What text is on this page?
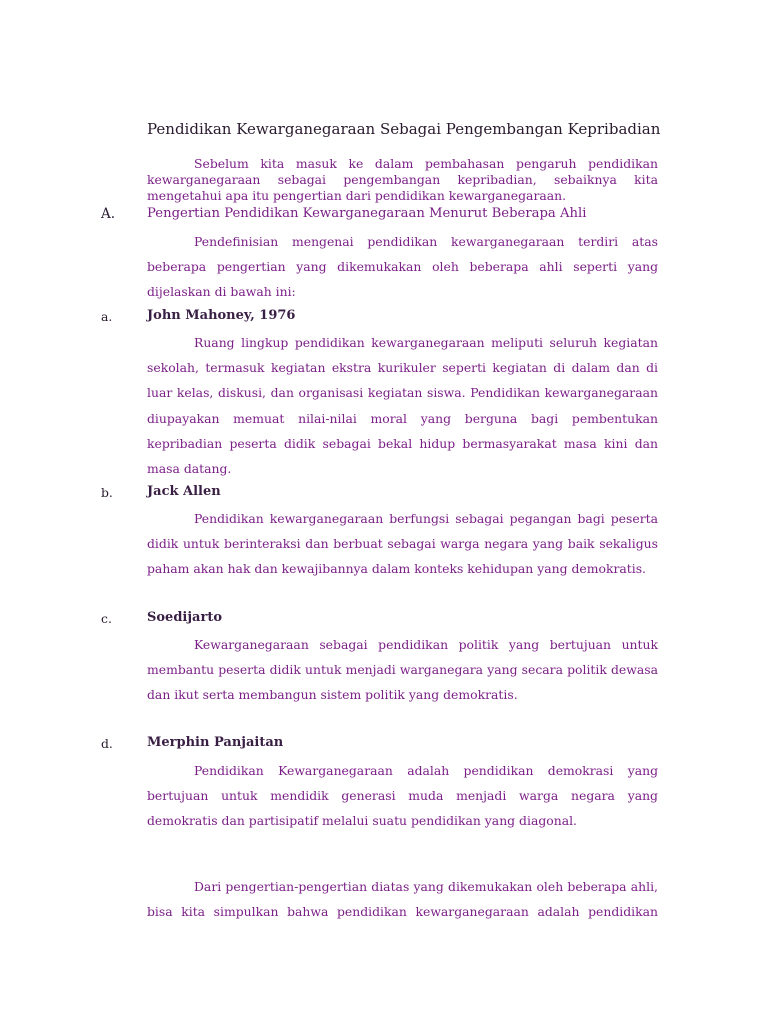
Pendidikan Kewarganegaraan Sebagai Pengembangan Kepribadian

Sebelum kita masuk ke dalam pembahasan pengaruh pendidikan kewarganegaraan sebagai pengembangan kepribadian, sebaiknya kita mengetahui apa itu pengertian dari pendidikan kewarganegaraan.

A. Pengertian Pendidikan Kewarganegaraan Menurut Beberapa Ahli

Pendefinisian mengenai pendidikan kewarganegaraan terdiri atas beberapa pengertian yang dikemukakan oleh beberapa ahli seperti yang dijelaskan di bawah ini:

a.	John Mahoney, 1976

Ruang lingkup pendidikan kewarganegaraan meliputi seluruh kegiatan sekolah, termasuk kegiatan ekstra kurikuler seperti kegiatan di dalam dan di luar kelas, diskusi, dan organisasi kegiatan siswa. Pendidikan kewarganegaraan diupayakan memuat nilai-nilai moral yang berguna bagi pembentukan kepribadian peserta didik sebagai bekal hidup bermasyarakat masa kini dan masa datang.

b.	Jack Allen

Pendidikan kewarganegaraan berfungsi sebagai pegangan bagi peserta didik untuk berinteraksi dan berbuat sebagai warga negara yang baik sekaligus paham akan hak dan kewajibannya dalam konteks kehidupan yang demokratis.

c.	Soedijarto

Kewarganegaraan sebagai pendidikan politik yang bertujuan untuk membantu peserta didik untuk menjadi warganegara yang secara politik dewasa dan ikut serta membangun sistem politik yang demokratis.

d.	Merphin Panjaitan

Pendidikan Kewarganegaraan adalah pendidikan demokrasi yang bertujuan untuk mendidik generasi muda menjadi warga negara yang demokratis dan partisipatif melalui suatu pendidikan yang diagonal.

Dari pengertian-pengertian diatas yang dikemukakan oleh beberapa ahli, bisa kita simpulkan bahwa pendidikan kewarganegaraan adalah pendidikan
